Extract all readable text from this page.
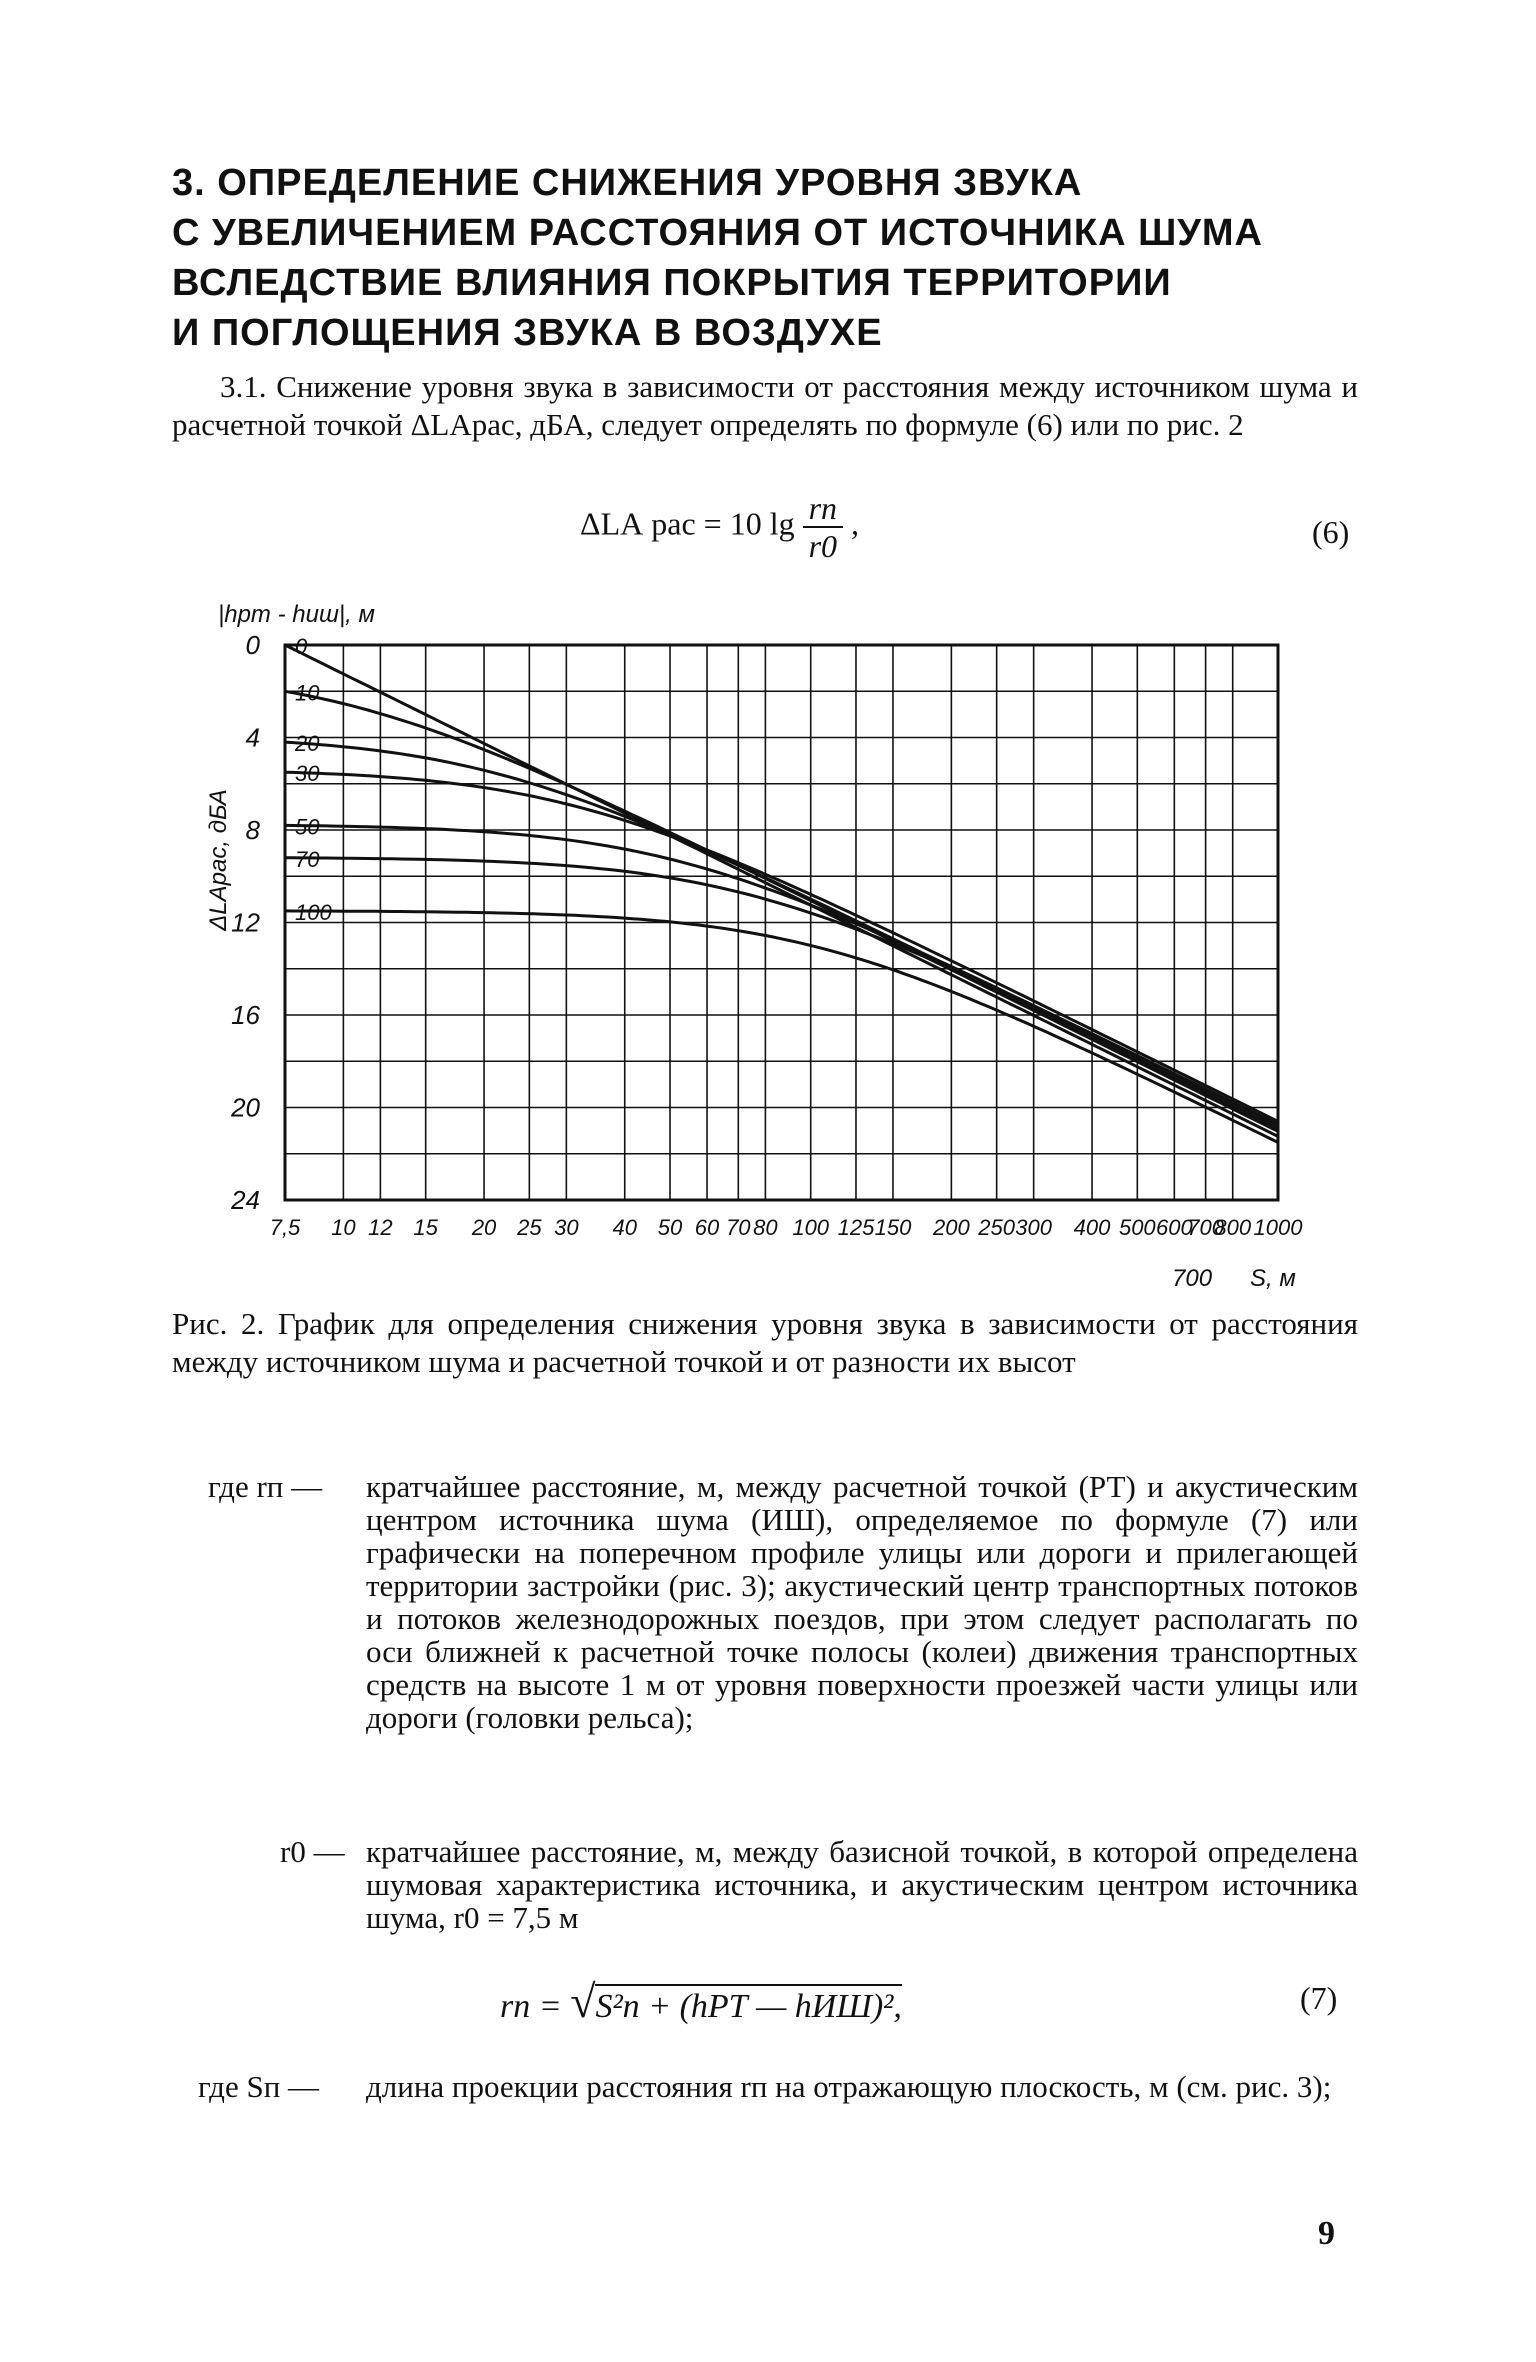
3. ОПРЕДЕЛЕНИЕ СНИЖЕНИЯ УРОВНЯ ЗВУКА
С УВЕЛИЧЕНИЕМ РАССТОЯНИЯ ОТ ИСТОЧНИКА ШУМА
ВСЛЕДСТВИЕ ВЛИЯНИЯ ПОКРЫТИЯ ТЕРРИТОРИИ
И ПОГЛОЩЕНИЯ ЗВУКА В ВОЗДУХЕ
3.1. Снижение уровня звука в зависимости от расстояния между источником шума и расчетной точкой ΔLАрас, дБА, следует определять по формуле (6) или по рис. 2
ΔLА рас = 10 $\lg \frac{rп}{r0}$ ,	(6)
7,5 10 12 15 20 25 30 40 50 60 70 80 100 125 150 200 250 300 400 500 600
700
800 1000
0
4
8
12
16
20
24
0
10
20
30
50
70
100
ΔLАрас, дБА
|hрт - hиш|, м
S, м
700
Рис. 2. График для определения снижения уровня звука в зависимости от расстояния между источником шума и расчетной точкой и от разности их высот
где rп — кратчайшее расстояние, м, между расчетной точкой (РТ) и акустическим центром источника шума (ИШ), определяемое по формуле (7) или графически на поперечном профиле улицы или дороги и прилегающей территории застройки (рис. 3); акустический центр транспортных потоков и потоков железнодорожных поездов, при этом следует располагать по оси ближней к расчетной точке полосы (колеи) движения транспортных средств на высоте 1 м от уровня поверхности проезжей части улицы или дороги (головки рельса);
r0 — кратчайшее расстояние, м, между базисной точкой, в которой определена шумовая характеристика источника, и акустическим центром источника шума, r0 = 7,5 м
rп = √S²п + (hРТ — hИШ)²,	(7)
где Sп — длина проекции расстояния rп на отражающую плоскость, м (см. рис. 3);
9
